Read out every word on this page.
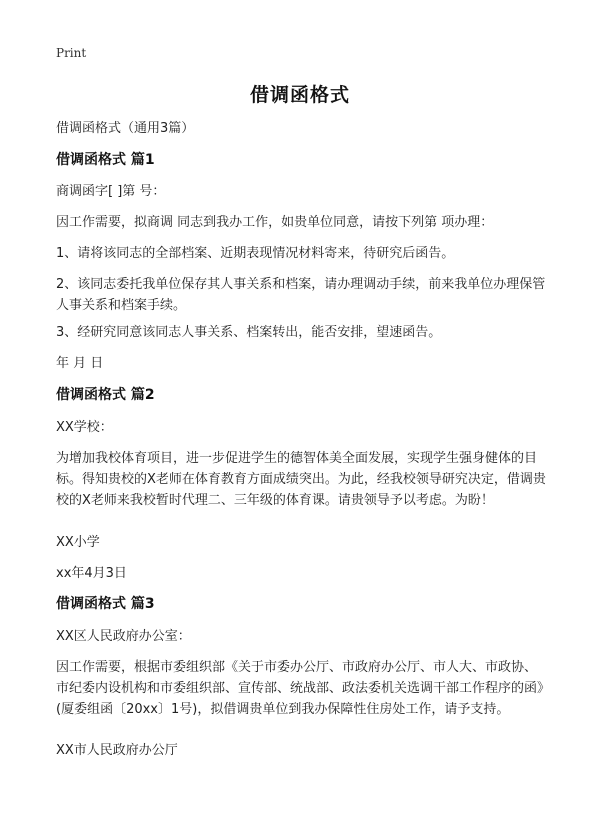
Print
借调函格式
借调函格式（通用3篇）
借调函格式 篇1
商调函字[ ]第 号：
因工作需要，拟商调 同志到我办工作，如贵单位同意，请按下列第 项办理：
1、请将该同志的全部档案、近期表现情况材料寄来，待研究后函告。
2、该同志委托我单位保存其人事关系和档案，请办理调动手续，前来我单位办理保管人事关系和档案手续。
3、经研究同意该同志人事关系、档案转出，能否安排，望速函告。
年 月 日
借调函格式 篇2
XX学校：
为增加我校体育项目，进一步促进学生的德智体美全面发展，实现学生强身健体的目标。得知贵校的X老师在体育教育方面成绩突出。为此，经我校领导研究决定，借调贵校的X老师来我校暂时代理二、三年级的体育课。请贵领导予以考虑。为盼！
XX小学
xx年4月3日
借调函格式 篇3
XX区人民政府办公室：
因工作需要，根据市委组织部《关于市委办公厅、市政府办公厅、市人大、市政协、市纪委内设机构和市委组织部、宣传部、统战部、政法委机关选调干部工作程序的函》(厦委组函〔20xx〕1号)，拟借调贵单位到我办保障性住房处工作，请予支持。
XX市人民政府办公厅
